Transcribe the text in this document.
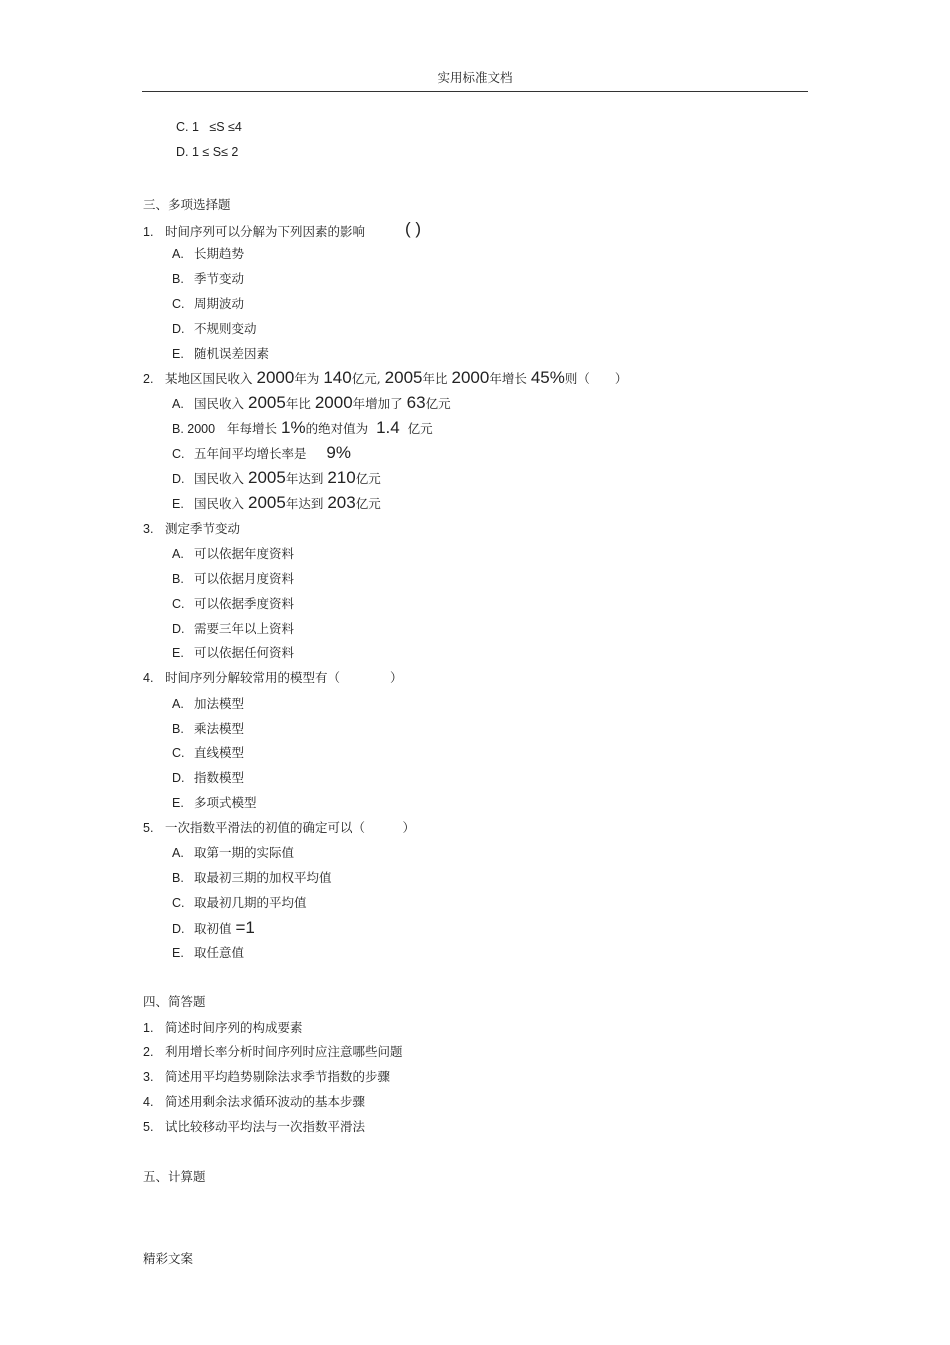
实用标准文档
C. 1 ≤S ≤4
D. 1 ≤ S≤ 2
三、多项选择题
1. 时间序列可以分解为下列因素的影响 ( )
A. 长期趋势
B. 季节变动
C. 周期波动
D. 不规则变动
E. 随机误差因素
2. 某地区国民收入 2000年为 140亿元, 2005年比 2000年增长 45%则（　　）
A. 国民收入 2005年比 2000年增加了 63亿元
B. 2000 年每增长 1%的绝对值为 1.4 亿元
C. 五年间平均增长率是 9%
D. 国民收入 2005年达到 210亿元
E. 国民收入 2005年达到 203亿元
3. 测定季节变动
A. 可以依据年度资料
B. 可以依据月度资料
C. 可以依据季度资料
D. 需要三年以上资料
E. 可以依据任何资料
4. 时间序列分解较常用的模型有（　　　　）
A. 加法模型
B. 乘法模型
C. 直线模型
D. 指数模型
E. 多项式模型
5. 一次指数平滑法的初值的确定可以（　　　）
A. 取第一期的实际值
B. 取最初三期的加权平均值
C. 取最初几期的平均值
D. 取初值 =1
E. 取任意值
四、简答题
1. 简述时间序列的构成要素
2. 利用增长率分析时间序列时应注意哪些问题
3. 简述用平均趋势剔除法求季节指数的步骤
4. 简述用剩余法求循环波动的基本步骤
5. 试比较移动平均法与一次指数平滑法
五、计算题
精彩文案
